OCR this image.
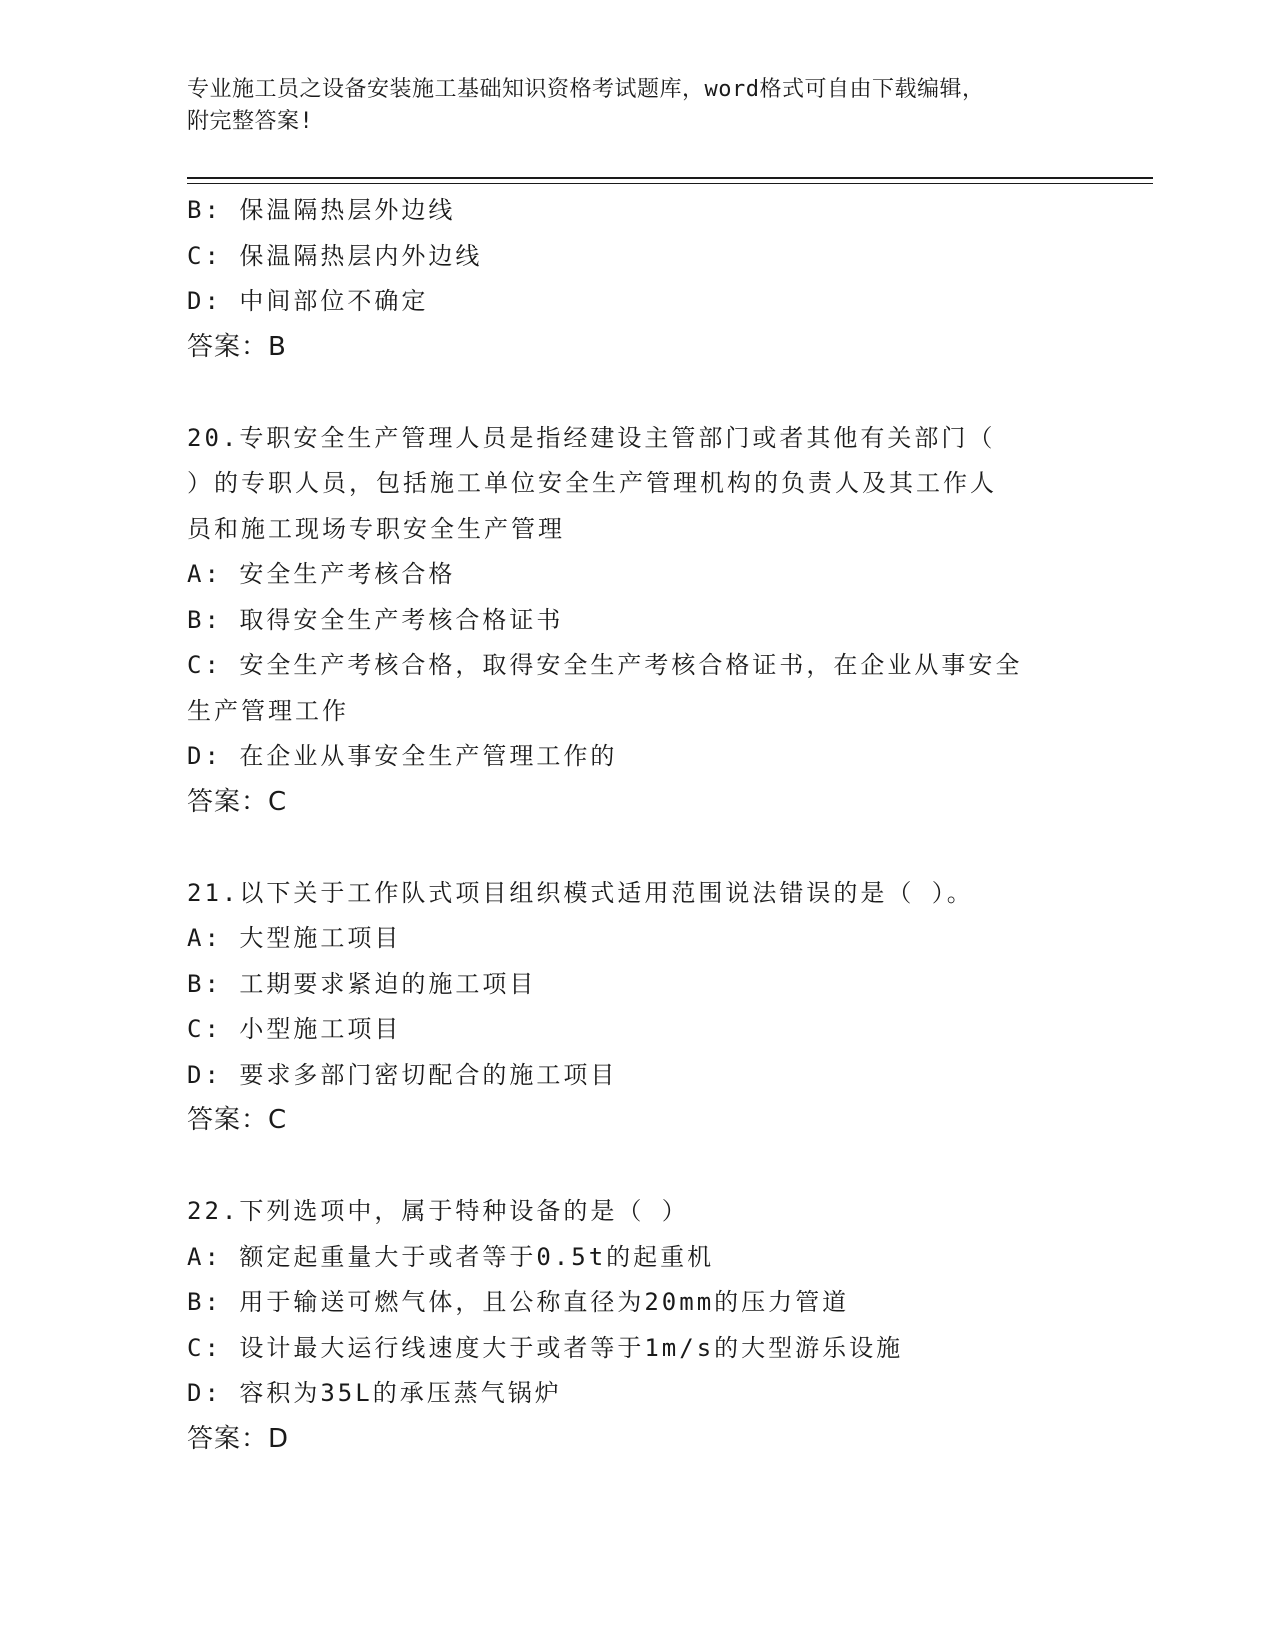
专业施工员之设备安装施工基础知识资格考试题库，word格式可自由下载编辑，
附完整答案!
B: 保温隔热层外边线
C: 保温隔热层内外边线
D: 中间部位不确定
答案：B
20.专职安全生产管理人员是指经建设主管部门或者其他有关部门（
）的专职人员，包括施工单位安全生产管理机构的负责人及其工作人
员和施工现场专职安全生产管理
A: 安全生产考核合格
B: 取得安全生产考核合格证书
C: 安全生产考核合格，取得安全生产考核合格证书，在企业从事安全
生产管理工作
D: 在企业从事安全生产管理工作的
答案：C
21.以下关于工作队式项目组织模式适用范围说法错误的是（ ）。
A: 大型施工项目
B: 工期要求紧迫的施工项目
C: 小型施工项目
D: 要求多部门密切配合的施工项目
答案：C
22.下列选项中，属于特种设备的是（ ）
A: 额定起重量大于或者等于0.5t的起重机
B: 用于输送可燃气体，且公称直径为20mm的压力管道
C: 设计最大运行线速度大于或者等于1m/s的大型游乐设施
D: 容积为35L的承压蒸气锅炉
答案：D
